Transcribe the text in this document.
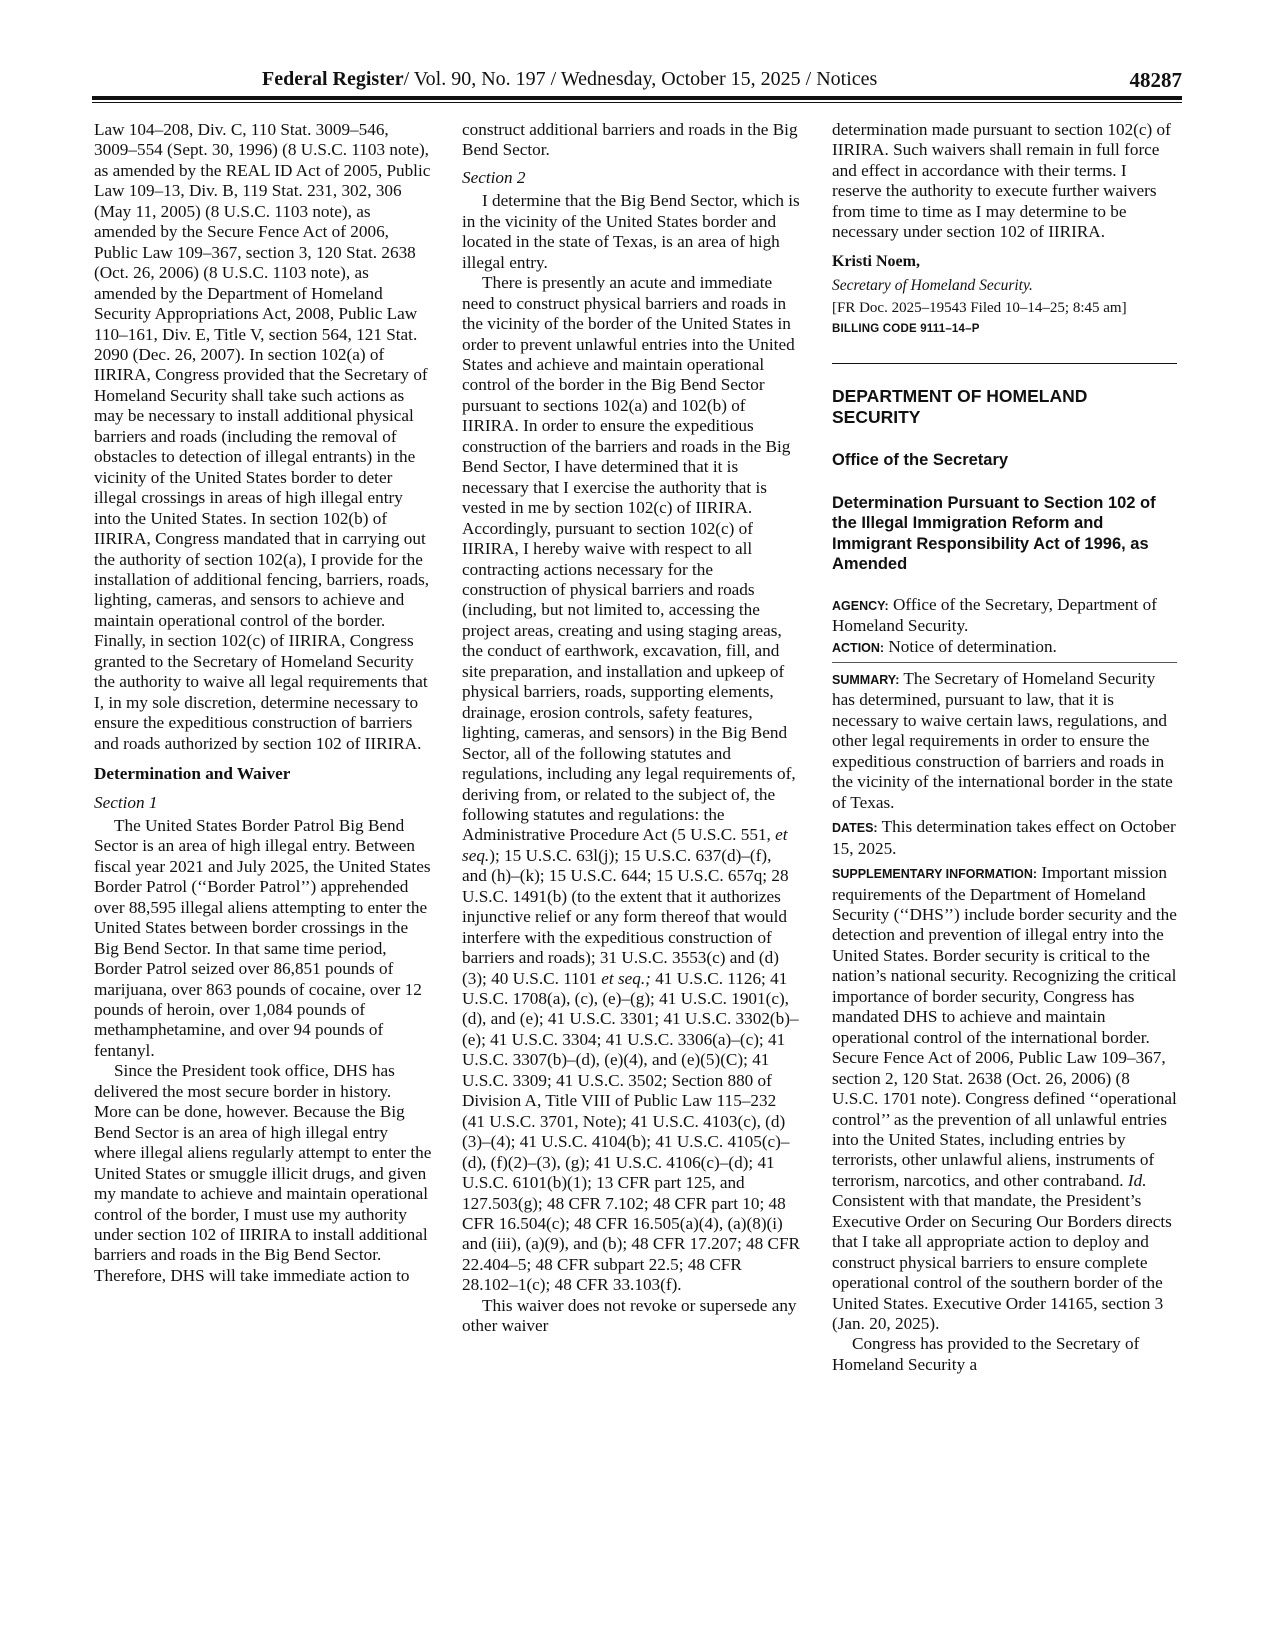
Federal Register/ Vol. 90, No. 197 / Wednesday, October 15, 2025 / Notices	48287

Law 104–208, Div. C, 110 Stat. 3009–546, 3009–554 (Sept. 30, 1996) (8 U.S.C. 1103 note), as amended by the REAL ID Act of 2005, Public Law 109–13, Div. B, 119 Stat. 231, 302, 306 (May 11, 2005) (8 U.S.C. 1103 note), as amended by the Secure Fence Act of 2006, Public Law 109–367, section 3, 120 Stat. 2638 (Oct. 26, 2006) (8 U.S.C. 1103 note), as amended by the Department of Homeland Security Appropriations Act, 2008, Public Law 110–161, Div. E, Title V, section 564, 121 Stat. 2090 (Dec. 26, 2007). In section 102(a) of IIRIRA, Congress provided that the Secretary of Homeland Security shall take such actions as may be necessary to install additional physical barriers and roads (including the removal of obstacles to detection of illegal entrants) in the vicinity of the United States border to deter illegal crossings in areas of high illegal entry into the United States. In section 102(b) of IIRIRA, Congress mandated that in carrying out the authority of section 102(a), I provide for the installation of additional fencing, barriers, roads, lighting, cameras, and sensors to achieve and maintain operational control of the border. Finally, in section 102(c) of IIRIRA, Congress granted to the Secretary of Homeland Security the authority to waive all legal requirements that I, in my sole discretion, determine necessary to ensure the expeditious construction of barriers and roads authorized by section 102 of IIRIRA.

Determination and Waiver

Section 1

The United States Border Patrol Big Bend Sector is an area of high illegal entry. Between fiscal year 2021 and July 2025, the United States Border Patrol (‘‘Border Patrol’’) apprehended over 88,595 illegal aliens attempting to enter the United States between border crossings in the Big Bend Sector. In that same time period, Border Patrol seized over 86,851 pounds of marijuana, over 863 pounds of cocaine, over 12 pounds of heroin, over 1,084 pounds of methamphetamine, and over 94 pounds of fentanyl.

Since the President took office, DHS has delivered the most secure border in history. More can be done, however. Because the Big Bend Sector is an area of high illegal entry where illegal aliens regularly attempt to enter the United States or smuggle illicit drugs, and given my mandate to achieve and maintain operational control of the border, I must use my authority under section 102 of IIRIRA to install additional barriers and roads in the Big Bend Sector. Therefore, DHS will take immediate action to

construct additional barriers and roads in the Big Bend Sector.

Section 2

I determine that the Big Bend Sector, which is in the vicinity of the United States border and located in the state of Texas, is an area of high illegal entry.

There is presently an acute and immediate need to construct physical barriers and roads in the vicinity of the border of the United States in order to prevent unlawful entries into the United States and achieve and maintain operational control of the border in the Big Bend Sector pursuant to sections 102(a) and 102(b) of IIRIRA. In order to ensure the expeditious construction of the barriers and roads in the Big Bend Sector, I have determined that it is necessary that I exercise the authority that is vested in me by section 102(c) of IIRIRA. Accordingly, pursuant to section 102(c) of IIRIRA, I hereby waive with respect to all contracting actions necessary for the construction of physical barriers and roads (including, but not limited to, accessing the project areas, creating and using staging areas, the conduct of earthwork, excavation, fill, and site preparation, and installation and upkeep of physical barriers, roads, supporting elements, drainage, erosion controls, safety features, lighting, cameras, and sensors) in the Big Bend Sector, all of the following statutes and regulations, including any legal requirements of, deriving from, or related to the subject of, the following statutes and regulations: the Administrative Procedure Act (5 U.S.C. 551, et seq.); 15 U.S.C. 63l(j); 15 U.S.C. 637(d)–(f), and (h)–(k); 15 U.S.C. 644; 15 U.S.C. 657q; 28 U.S.C. 1491(b) (to the extent that it authorizes injunctive relief or any form thereof that would interfere with the expeditious construction of barriers and roads); 31 U.S.C. 3553(c) and (d)(3); 40 U.S.C. 1101 et seq.; 41 U.S.C. 1126; 41 U.S.C. 1708(a), (c), (e)–(g); 41 U.S.C. 1901(c), (d), and (e); 41 U.S.C. 3301; 41 U.S.C. 3302(b)–(e); 41 U.S.C. 3304; 41 U.S.C. 3306(a)–(c); 41 U.S.C. 3307(b)–(d), (e)(4), and (e)(5)(C); 41 U.S.C. 3309; 41 U.S.C. 3502; Section 880 of Division A, Title VIII of Public Law 115–232 (41 U.S.C. 3701, Note); 41 U.S.C. 4103(c), (d)(3)–(4); 41 U.S.C. 4104(b); 41 U.S.C. 4105(c)–(d), (f)(2)–(3), (g); 41 U.S.C. 4106(c)–(d); 41 U.S.C. 6101(b)(1); 13 CFR part 125, and 127.503(g); 48 CFR 7.102; 48 CFR part 10; 48 CFR 16.504(c); 48 CFR 16.505(a)(4), (a)(8)(i) and (iii), (a)(9), and (b); 48 CFR 17.207; 48 CFR 22.404–5; 48 CFR subpart 22.5; 48 CFR 28.102–1(c); 48 CFR 33.103(f).

This waiver does not revoke or supersede any other waiver

determination made pursuant to section 102(c) of IIRIRA. Such waivers shall remain in full force and effect in accordance with their terms. I reserve the authority to execute further waivers from time to time as I may determine to be necessary under section 102 of IIRIRA.

Kristi Noem,

Secretary of Homeland Security.

[FR Doc. 2025–19543 Filed 10–14–25; 8:45 am]

BILLING CODE 9111–14–P

DEPARTMENT OF HOMELAND SECURITY

Office of the Secretary

Determination Pursuant to Section 102 of the Illegal Immigration Reform and Immigrant Responsibility Act of 1996, as Amended

AGENCY: Office of the Secretary, Department of Homeland Security.

ACTION: Notice of determination.

SUMMARY: The Secretary of Homeland Security has determined, pursuant to law, that it is necessary to waive certain laws, regulations, and other legal requirements in order to ensure the expeditious construction of barriers and roads in the vicinity of the international border in the state of Texas.

DATES: This determination takes effect on October 15, 2025.

SUPPLEMENTARY INFORMATION: Important mission requirements of the Department of Homeland Security (‘‘DHS’’) include border security and the detection and prevention of illegal entry into the United States. Border security is critical to the nation’s national security. Recognizing the critical importance of border security, Congress has mandated DHS to achieve and maintain operational control of the international border. Secure Fence Act of 2006, Public Law 109–367, section 2, 120 Stat. 2638 (Oct. 26, 2006) (8 U.S.C. 1701 note). Congress defined ‘‘operational control’’ as the prevention of all unlawful entries into the United States, including entries by terrorists, other unlawful aliens, instruments of terrorism, narcotics, and other contraband. Id. Consistent with that mandate, the President’s Executive Order on Securing Our Borders directs that I take all appropriate action to deploy and construct physical barriers to ensure complete operational control of the southern border of the United States. Executive Order 14165, section 3 (Jan. 20, 2025).

Congress has provided to the Secretary of Homeland Security a
